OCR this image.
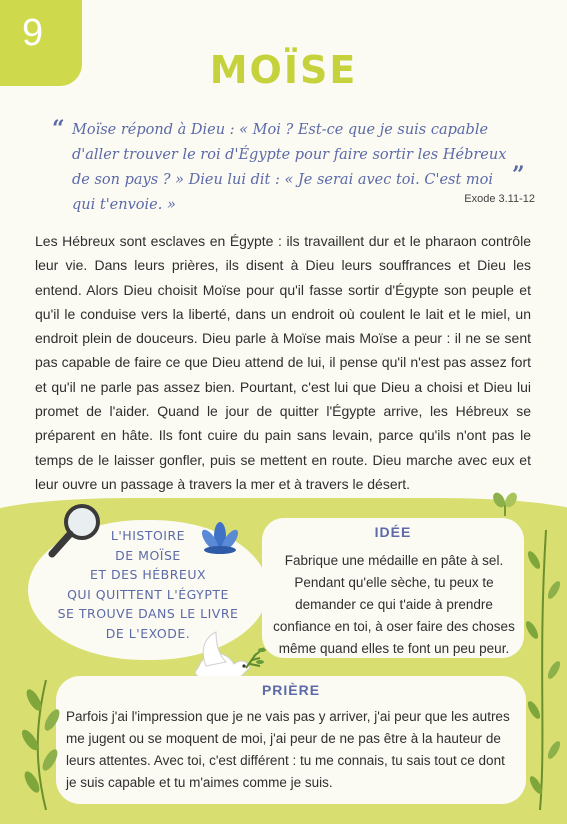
9
MOÏSE
“ Moïse répond à Dieu : « Moi ? Est-ce que je suis capable d'aller trouver le roi d'Égypte pour faire sortir les Hébreux de son pays ? » Dieu lui dit : « Je serai avec toi. C'est moi qui t'envoie. »
”
Exode 3.11-12
Les Hébreux sont esclaves en Égypte : ils travaillent dur et le pharaon contrôle leur vie. Dans leurs prières, ils disent à Dieu leurs souffrances et Dieu les entend. Alors Dieu choisit Moïse pour qu'il fasse sortir d'Égypte son peuple et qu'il le conduise vers la liberté, dans un endroit où coulent le lait et le miel, un endroit plein de douceurs. Dieu parle à Moïse mais Moïse a peur : il ne se sent pas capable de faire ce que Dieu attend de lui, il pense qu'il n'est pas assez fort et qu'il ne parle pas assez bien. Pourtant, c'est lui que Dieu a choisi et Dieu lui promet de l'aider. Quand le jour de quitter l'Égypte arrive, les Hébreux se préparent en hâte. Ils font cuire du pain sans levain, parce qu'ils n'ont pas le temps de le laisser gonfler, puis se mettent en route. Dieu marche avec eux et leur ouvre un passage à travers la mer et à travers le désert.
L'HISTOIRE
DE MOÏSE
ET DES HÉBREUX
QUI QUITTENT L'ÉGYPTE
SE TROUVE DANS LE LIVRE
DE L'EXODE.
IDÉE
Fabrique une médaille en pâte à sel. Pendant qu'elle sèche, tu peux te demander ce qui t'aide à prendre confiance en toi, à oser faire des choses même quand elles te font un peu peur.
PRIÈRE
Parfois j'ai l'impression que je ne vais pas y arriver, j'ai peur que les autres me jugent ou se moquent de moi, j'ai peur de ne pas être à la hauteur de leurs attentes. Avec toi, c'est différent : tu me connais, tu sais tout ce dont je suis capable et tu m'aimes comme je suis.
